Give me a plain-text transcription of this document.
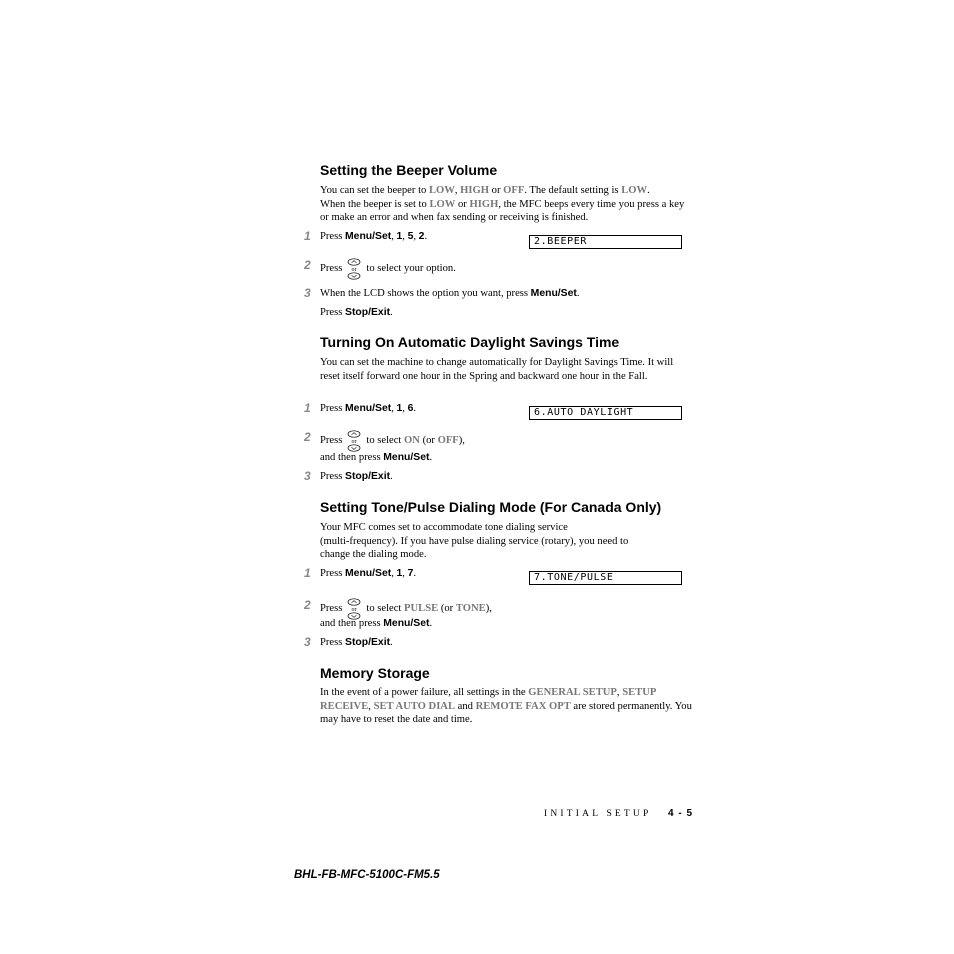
Setting the Beeper Volume
You can set the beeper to LOW, HIGH or OFF. The default setting is LOW.
When the beeper is set to LOW or HIGH, the MFC beeps every time you press a key or make an error and when fax sending or receiving is finished.
1 Press Menu/Set, 1, 5, 2.	2.BEEPER
2 Press or to select your option.
3 When the LCD shows the option you want, press Menu/Set.
Press Stop/Exit.
Turning On Automatic Daylight Savings Time
You can set the machine to change automatically for Daylight Savings Time. It will reset itself forward one hour in the Spring and backward one hour in the Fall.
1 Press Menu/Set, 1, 6.	6.AUTO DAYLIGHT
2 Press or to select ON (or OFF),
and then press Menu/Set.
3 Press Stop/Exit.
Setting Tone/Pulse Dialing Mode (For Canada Only)
Your MFC comes set to accommodate tone dialing service
(multi-frequency). If you have pulse dialing service (rotary), you need to
change the dialing mode.
1 Press Menu/Set, 1, 7.	7.TONE/PULSE
2 Press or to select PULSE (or TONE),
and then press Menu/Set.
3 Press Stop/Exit.
Memory Storage
In the event of a power failure, all settings in the GENERAL SETUP, SETUP RECEIVE, SET AUTO DIAL and REMOTE FAX OPT are stored permanently. You may have to reset the date and time.
INITIAL SETUP 4 - 5
BHL-FB-MFC-5100C-FM5.5
